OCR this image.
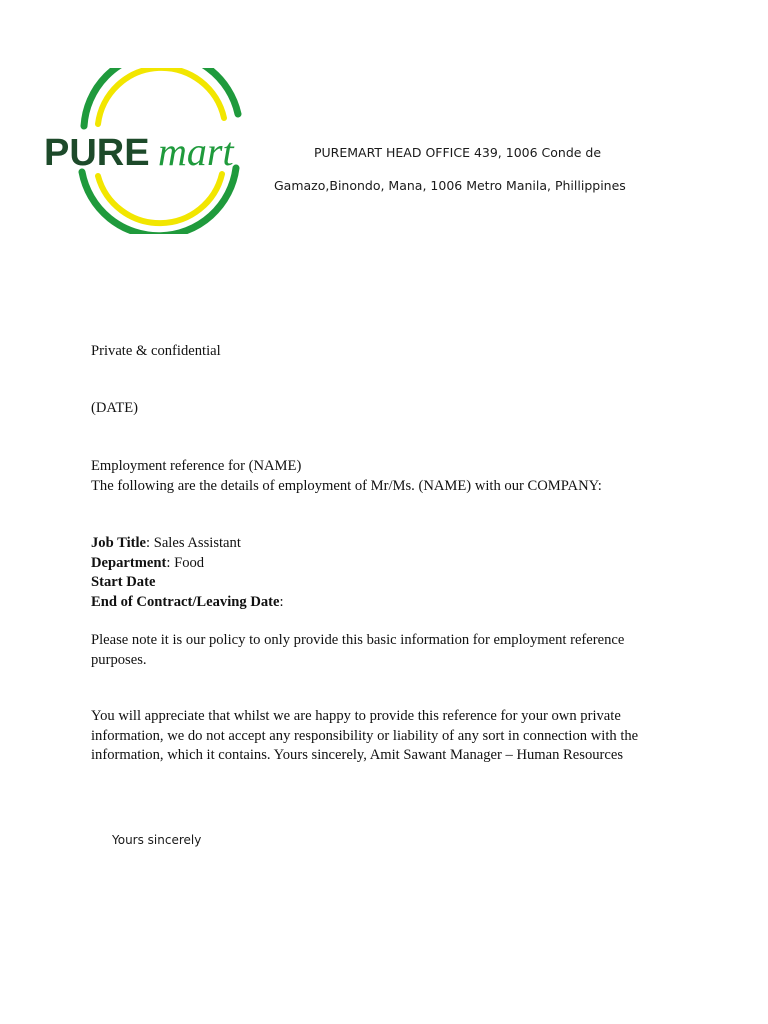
PURE mart	PUREMART HEAD OFFICE 439, 1006 Conde de
Gamazo,Binondo, Mana, 1006 Metro Manila, Phillippines
Private & confidential
(DATE)
Employment reference for (NAME)
The following are the details of employment of Mr/Ms. (NAME) with our COMPANY:
Job Title: Sales Assistant
Department: Food
Start Date
End of Contract/Leaving Date:
Please note it is our policy to only provide this basic information for employment reference purposes.
You will appreciate that whilst we are happy to provide this reference for your own private information, we do not accept any responsibility or liability of any sort in connection with the information, which it contains. Yours sincerely, Amit Sawant Manager – Human Resources
Yours sincerely
